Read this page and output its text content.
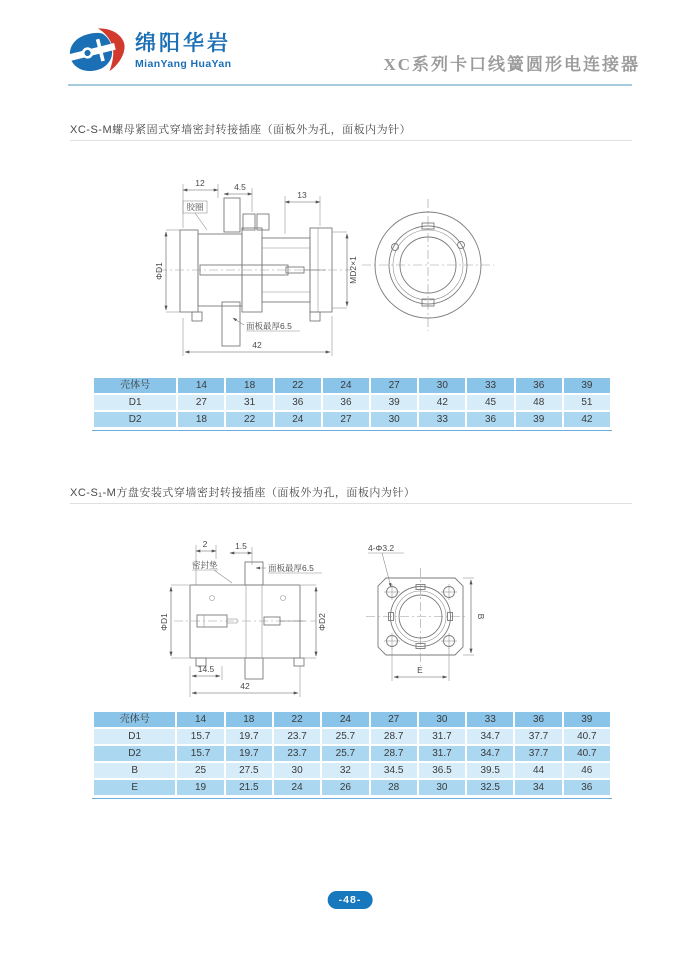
绵阳华岩
MianYang HuaYan	XC系列卡口线簧圆形电连接器
XC-S-M螺母紧固式穿墙密封转接插座（面板外为孔，面板内为针）
12	4.5
13
胶圈
ΦD1	MD2×1
面板最厚6.5
42
壳体号	14	18	22	24	27	30	33	36	39
D1	27	31	36	36	39	42	45	48	51
D2	18	22	24	27	30	33	36	39	42
XC-S₁-M方盘安装式穿墙密封转接插座（面板外为孔，面板内为针）
2	1.5
密封垫	面板最厚6.5
ΦD1	ΦD2
14.5
42
4-Φ3.2
B
E
壳体号	14	18	22	24	27	30	33	36	39
D1	15.7	19.7	23.7	25.7	28.7	31.7	34.7	37.7	40.7
D2	15.7	19.7	23.7	25.7	28.7	31.7	34.7	37.7	40.7
B	25	27.5	30	32	34.5	36.5	39.5	44	46
E	19	21.5	24	26	28	30	32.5	34	36
-48-
